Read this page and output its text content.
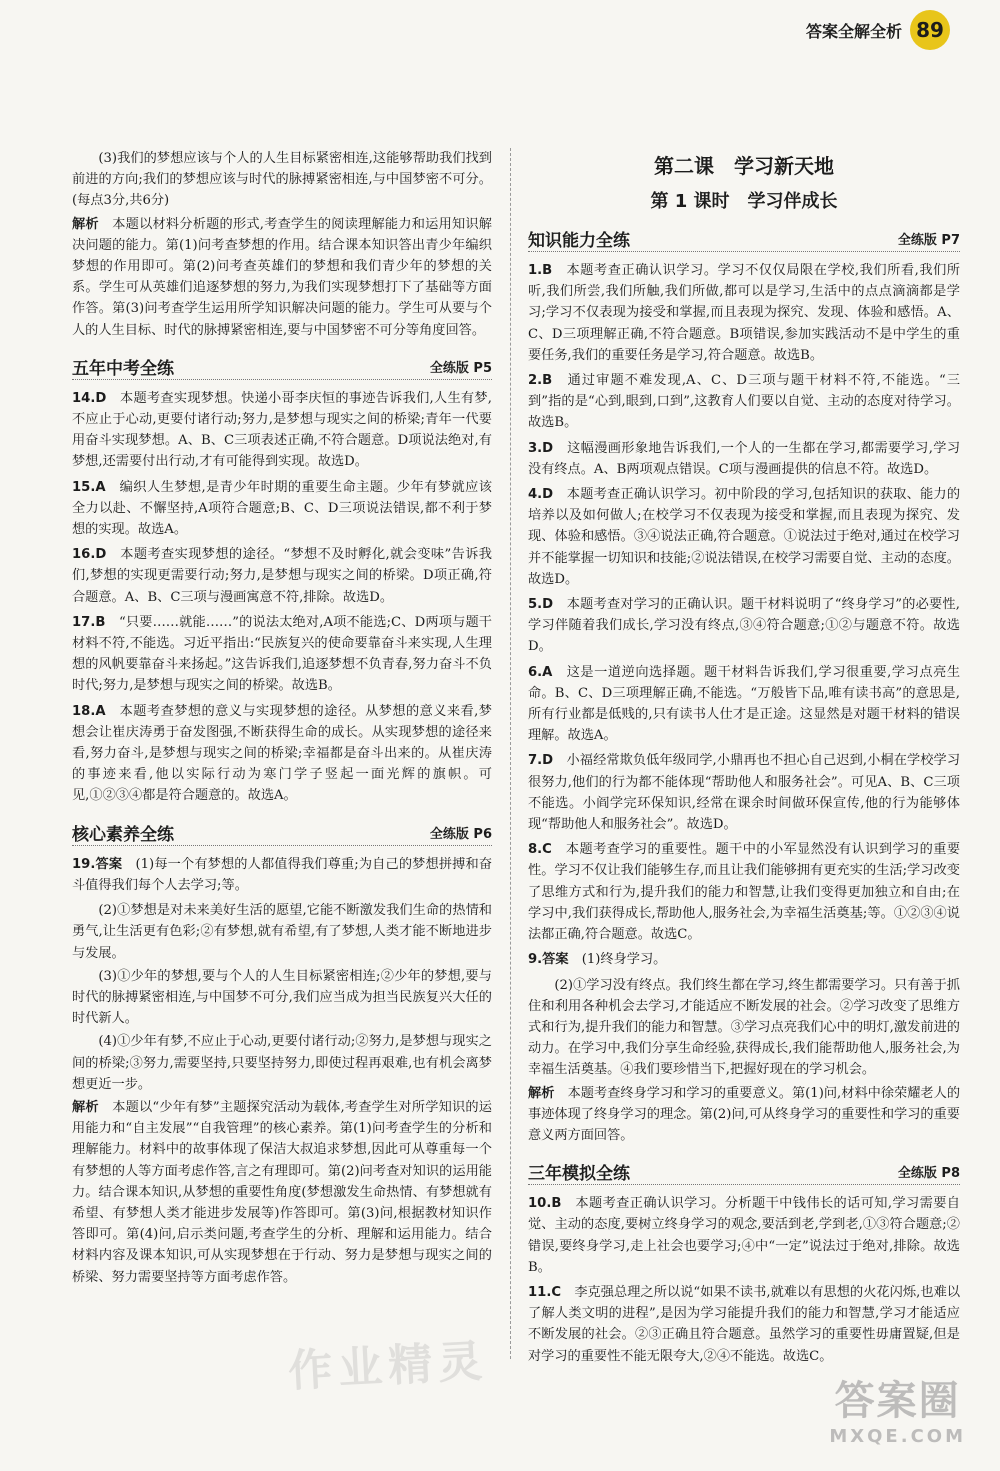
答案全解全析 89

(3)我们的梦想应该与个人的人生目标紧密相连,这能够帮助我们找到前进的方向;我们的梦想应该与时代的脉搏紧密相连,与中国梦密不可分。(每点3分,共6分)

解析　 本题以材料分析题的形式,考查学生的阅读理解能力和运用知识解决问题的能力。第(1)问考查梦想的作用。结合课本知识答出青少年编织梦想的作用即可。第(2)问考查英雄们的梦想和我们青少年的梦想的关系。学生可从英雄们追逐梦想的努力,为我们实现梦想打下了基础等方面作答。第(3)问考查学生运用所学知识解决问题的能力。学生可从要与个人的人生目标、时代的脉搏紧密相连,要与中国梦密不可分等角度回答。

五年中考全练	全练版 P5

14.D　 本题考查实现梦想。快递小哥李庆恒的事迹告诉我们,人生有梦,不应止于心动,更要付诸行动;努力,是梦想与现实之间的桥梁;青年一代要用奋斗实现梦想。A、B、C三项表述正确,不符合题意。D项说法绝对,有梦想,还需要付出行动,才有可能得到实现。故选D。

15.A　 编织人生梦想,是青少年时期的重要生命主题。少年有梦就应该全力以赴、不懈坚持,A项符合题意;B、C、D三项说法错误,都不利于梦想的实现。故选A。

16.D　 本题考查实现梦想的途径。“梦想不及时孵化,就会变味”告诉我们,梦想的实现更需要行动;努力,是梦想与现实之间的桥梁。D项正确,符合题意。A、B、C三项与漫画寓意不符,排除。故选D。

17.B　 “只要……就能……”的说法太绝对,A项不能选;C、D两项与题干材料不符,不能选。习近平指出:“民族复兴的使命要靠奋斗来实现,人生理想的风帆要靠奋斗来扬起。”这告诉我们,追逐梦想不负青春,努力奋斗不负时代;努力,是梦想与现实之间的桥梁。故选B。

18.A　 本题考查梦想的意义与实现梦想的途径。从梦想的意义来看,梦想会让崔庆涛勇于奋发图强,不断获得生命的成长。从实现梦想的途径来看,努力奋斗,是梦想与现实之间的桥梁;幸福都是奋斗出来的。从崔庆涛的事迹来看,他以实际行动为寒门学子竖起一面光辉的旗帜。可见,①②③④都是符合题意的。故选A。

核心素养全练	全练版 P6

19.答案　 (1)每一个有梦想的人都值得我们尊重;为自己的梦想拼搏和奋斗值得我们每个人去学习;等。

(2)①梦想是对未来美好生活的愿望,它能不断激发我们生命的热情和勇气,让生活更有色彩;②有梦想,就有希望,有了梦想,人类才能不断地进步与发展。

(3)①少年的梦想,要与个人的人生目标紧密相连;②少年的梦想,要与时代的脉搏紧密相连,与中国梦不可分,我们应当成为担当民族复兴大任的时代新人。

(4)①少年有梦,不应止于心动,更要付诸行动;②努力,是梦想与现实之间的桥梁;③努力,需要坚持,只要坚持努力,即使过程再艰难,也有机会离梦想更近一步。

解析　 本题以“少年有梦”主题探究活动为载体,考查学生对所学知识的运用能力和“自主发展”“自我管理”的核心素养。第(1)问考查学生的分析和理解能力。材料中的故事体现了保洁大叔追求梦想,因此可从尊重每一个有梦想的人等方面考虑作答,言之有理即可。第(2)问考查对知识的运用能力。结合课本知识,从梦想的重要性角度(梦想激发生命热情、有梦想就有希望、有梦想人类才能进步发展等)作答即可。第(3)问,根据教材知识作答即可。第(4)问,启示类问题,考查学生的分析、理解和运用能力。结合材料内容及课本知识,可从实现梦想在于行动、努力是梦想与现实之间的桥梁、努力需要坚持等方面考虑作答。

第二课　学习新天地
第 1 课时　学习伴成长
知识能力全练	全练版 P7

1.B　 本题考查正确认识学习。学习不仅仅局限在学校,我们所看,我们所听,我们所尝,我们所触,我们所做,都可以是学习,生活中的点点滴滴都是学习;学习不仅表现为接受和掌握,而且表现为探究、发现、体验和感悟。A、C、D三项理解正确,不符合题意。B项错误,参加实践活动不是中学生的重要任务,我们的重要任务是学习,符合题意。故选B。

2.B　 通过审题不难发现,A、C、D三项与题干材料不符,不能选。“三到”指的是“心到,眼到,口到”,这教育人们要以自觉、主动的态度对待学习。故选B。

3.D　 这幅漫画形象地告诉我们,一个人的一生都在学习,都需要学习,学习没有终点。A、B两项观点错误。C项与漫画提供的信息不符。故选D。

4.D　 本题考查正确认识学习。初中阶段的学习,包括知识的获取、能力的培养以及如何做人;在校学习不仅表现为接受和掌握,而且表现为探究、发现、体验和感悟。③④说法正确,符合题意。①说法过于绝对,通过在校学习并不能掌握一切知识和技能;②说法错误,在校学习需要自觉、主动的态度。故选D。

5.D　 本题考查对学习的正确认识。题干材料说明了“终身学习”的必要性,学习伴随着我们成长,学习没有终点,③④符合题意;①②与题意不符。故选D。

6.A　 这是一道逆向选择题。题干材料告诉我们,学习很重要,学习点亮生命。B、C、D三项理解正确,不能选。“万般皆下品,唯有读书高”的意思是,所有行业都是低贱的,只有读书人仕才是正途。这显然是对题干材料的错误理解。故选A。

7.D　 小福经常欺负低年级同学,小鼎再也不担心自己迟到,小桐在学校学习很努力,他们的行为都不能体现“帮助他人和服务社会”。可见A、B、C三项不能选。小阎学完环保知识,经常在课余时间做环保宣传,他的行为能够体现“帮助他人和服务社会”。故选D。

8.C　 本题考查学习的重要性。题干中的小军显然没有认识到学习的重要性。学习不仅让我们能够生存,而且让我们能够拥有更充实的生活;学习改变了思维方式和行为,提升我们的能力和智慧,让我们变得更加独立和自由;在学习中,我们获得成长,帮助他人,服务社会,为幸福生活奠基;等。①②③④说法都正确,符合题意。故选C。

9.答案　 (1)终身学习。

(2)①学习没有终点。我们终生都在学习,终生都需要学习。只有善于抓住和利用各种机会去学习,才能适应不断发展的社会。②学习改变了思维方式和行为,提升我们的能力和智慧。③学习点亮我们心中的明灯,激发前进的动力。在学习中,我们分享生命经验,获得成长,我们能帮助他人,服务社会,为幸福生活奠基。④我们要珍惜当下,把握好现在的学习机会。

解析　 本题考查终身学习和学习的重要意义。第(1)问,材料中徐荣耀老人的事迹体现了终身学习的理念。第(2)问,可从终身学习的重要性和学习的重要意义两方面回答。

三年模拟全练	全练版 P8

10.B　 本题考查正确认识学习。分析题干中钱伟长的话可知,学习需要自觉、主动的态度,要树立终身学习的观念,要活到老,学到老,①③符合题意;②错误,要终身学习,走上社会也要学习;④中“一定”说法过于绝对,排除。故选B。

11.C　 李克强总理之所以说“如果不读书,就难以有思想的火花闪烁,也难以了解人类文明的进程”,是因为学习能提升我们的能力和智慧,学习才能适应不断发展的社会。②③正确且符合题意。虽然学习的重要性毋庸置疑,但是对学习的重要性不能无限夸大,②④不能选。故选C。

作业精灵
答案圈
MXQE.COM
